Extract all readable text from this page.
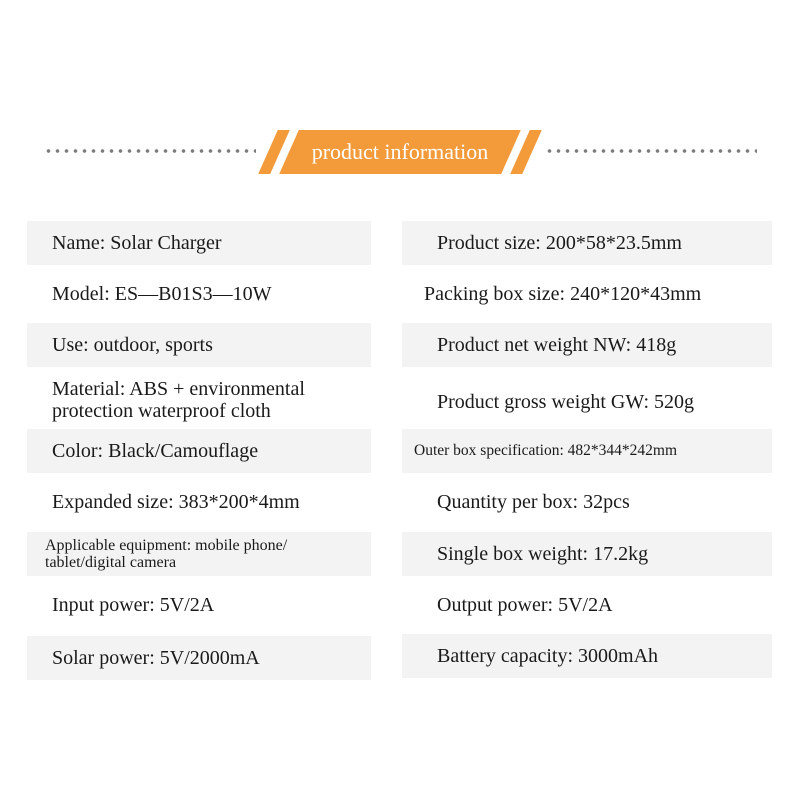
product information
Name: Solar Charger
Model: ES—B01S3—10W
Use: outdoor, sports
Material: ABS + environmental protection waterproof cloth
Color: Black/Camouflage
Expanded size: 383*200*4mm
Applicable equipment: mobile phone/ tablet/digital camera
Input power: 5V/2A
Solar power: 5V/2000mA
Product size: 200*58*23.5mm
Packing box size: 240*120*43mm
Product net weight NW: 418g
Product gross weight GW: 520g
Outer box specification: 482*344*242mm
Quantity per box: 32pcs
Single box weight: 17.2kg
Output power: 5V/2A
Battery capacity: 3000mAh
